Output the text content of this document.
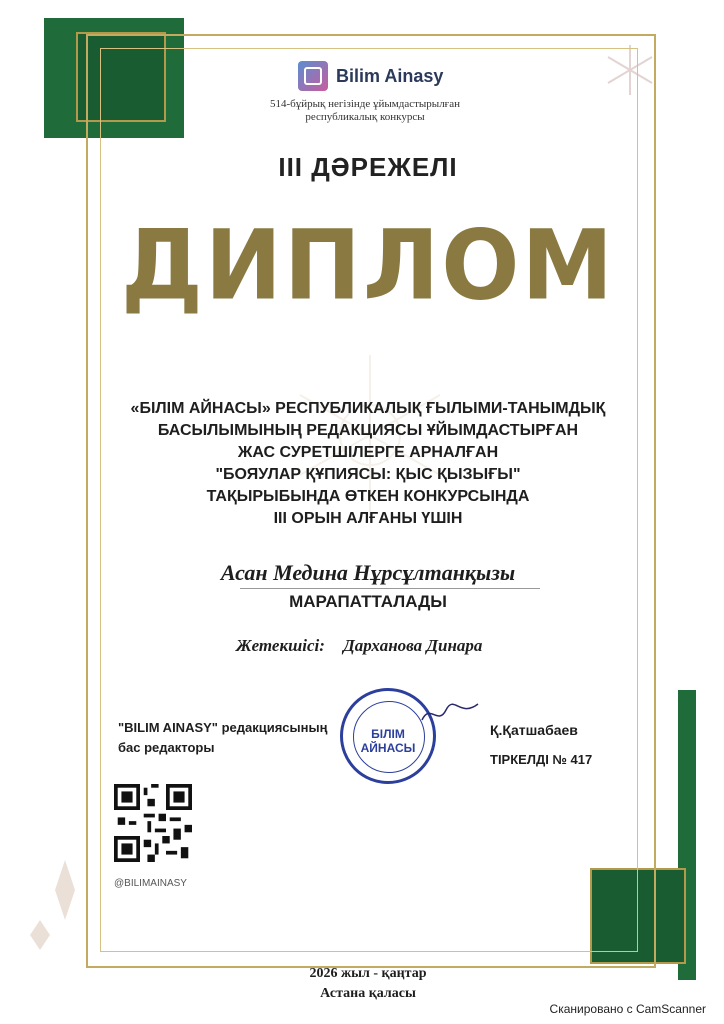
Bilim Ainasy
514-бұйрық негізінде ұйымдастырылған
республикалық конкурсы
III ДӘРЕЖЕЛІ
ДИПЛОМ
«БІЛІМ АЙНАСЫ» РЕСПУБЛИКАЛЫҚ ҒЫЛЫМИ-ТАНЫМДЫҚ
БАСЫЛЫМЫНЫҢ РЕДАКЦИЯСЫ ҰЙЫМДАСТЫРҒАН
ЖАС СУРЕТШІЛЕРГЕ АРНАЛҒАН
"БОЯУЛАР ҚҰПИЯСЫ: ҚЫС ҚЫЗЫҒЫ"
ТАҚЫРЫБЫНДА ӨТКЕН КОНКУРСЫНДА
III ОРЫН АЛҒАНЫ ҮШІН
Асан Медина Нұрсұлтанқызы
МАРАПАТТАЛАДЫ
Жетекшісі: Дарханова Динара
"BILIM AINASY" редакциясының
бас редакторы
БІЛІМ АЙНАСЫ
Қ.Қатшабаев
ТІРКЕЛДІ № 417
@BILIMAINASY
2026 жыл - қаңтар
Астана қаласы
Сканировано с CamScanner
